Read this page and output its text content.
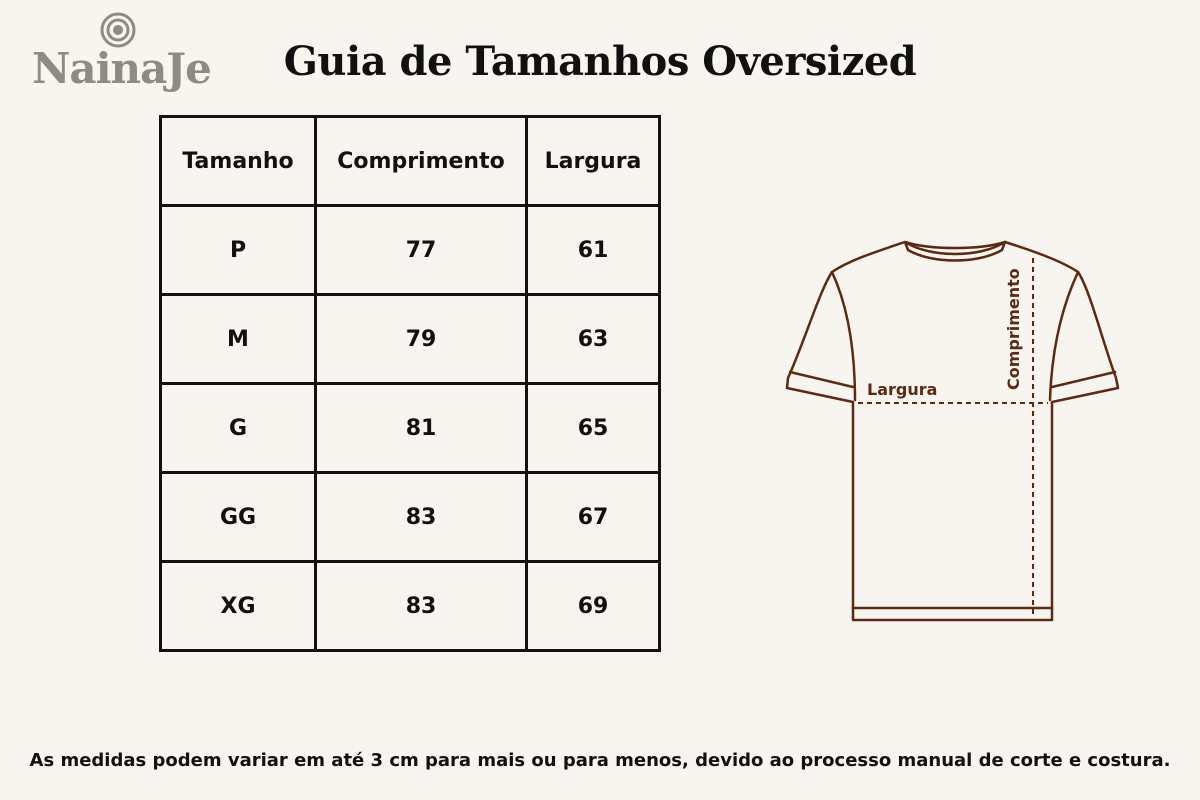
NainaJe	Guia de Tamanhos Oversized
Tamanho	Comprimento	Largura
P	77	61
M	79	63
G	81	65
GG	83	67
XG	83	69
Largura	Comprimento

As medidas podem variar em até 3 cm para mais ou para menos, devido ao processo manual de corte e costura.
